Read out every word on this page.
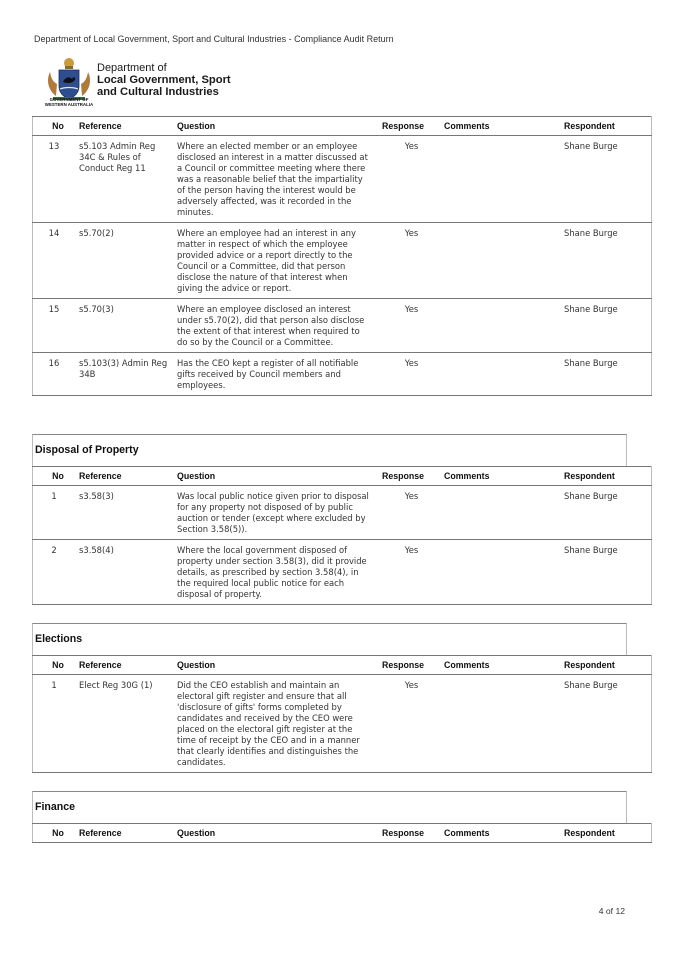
Department of Local Government, Sport and Cultural Industries - Compliance Audit Return
GOVERNMENT OF
WESTERN AUSTRALIA
Department of
Local Government, Sport
and Cultural Industries
No	Reference	Question	Response	Comments	Respondent
13	s5.103 Admin Reg 34C & Rules of Conduct Reg 11	Where an elected member or an employee disclosed an interest in a matter discussed at a Council or committee meeting where there was a reasonable belief that the impartiality of the person having the interest would be adversely affected, was it recorded in the minutes.	Yes		Shane Burge
14	s5.70(2)	Where an employee had an interest in any matter in respect of which the employee provided advice or a report directly to the Council or a Committee, did that person disclose the nature of that interest when giving the advice or report.	Yes		Shane Burge
15	s5.70(3)	Where an employee disclosed an interest under s5.70(2), did that person also disclose the extent of that interest when required to do so by the Council or a Committee.	Yes		Shane Burge
16	s5.103(3) Admin Reg 34B	Has the CEO kept a register of all notifiable gifts received by Council members and employees.	Yes		Shane Burge
Disposal of Property
No	Reference	Question	Response	Comments	Respondent
1	s3.58(3)	Was local public notice given prior to disposal for any property not disposed of by public auction or tender (except where excluded by Section 3.58(5)).	Yes		Shane Burge
2	s3.58(4)	Where the local government disposed of property under section 3.58(3), did it provide details, as prescribed by section 3.58(4), in the required local public notice for each disposal of property.	Yes		Shane Burge
Elections
No	Reference	Question	Response	Comments	Respondent
1	Elect Reg 30G (1)	Did the CEO establish and maintain an electoral gift register and ensure that all 'disclosure of gifts' forms completed by candidates and received by the CEO were placed on the electoral gift register at the time of receipt by the CEO and in a manner that clearly identifies and distinguishes the candidates.	Yes		Shane Burge
Finance
No	Reference	Question	Response	Comments	Respondent
4 of 12
